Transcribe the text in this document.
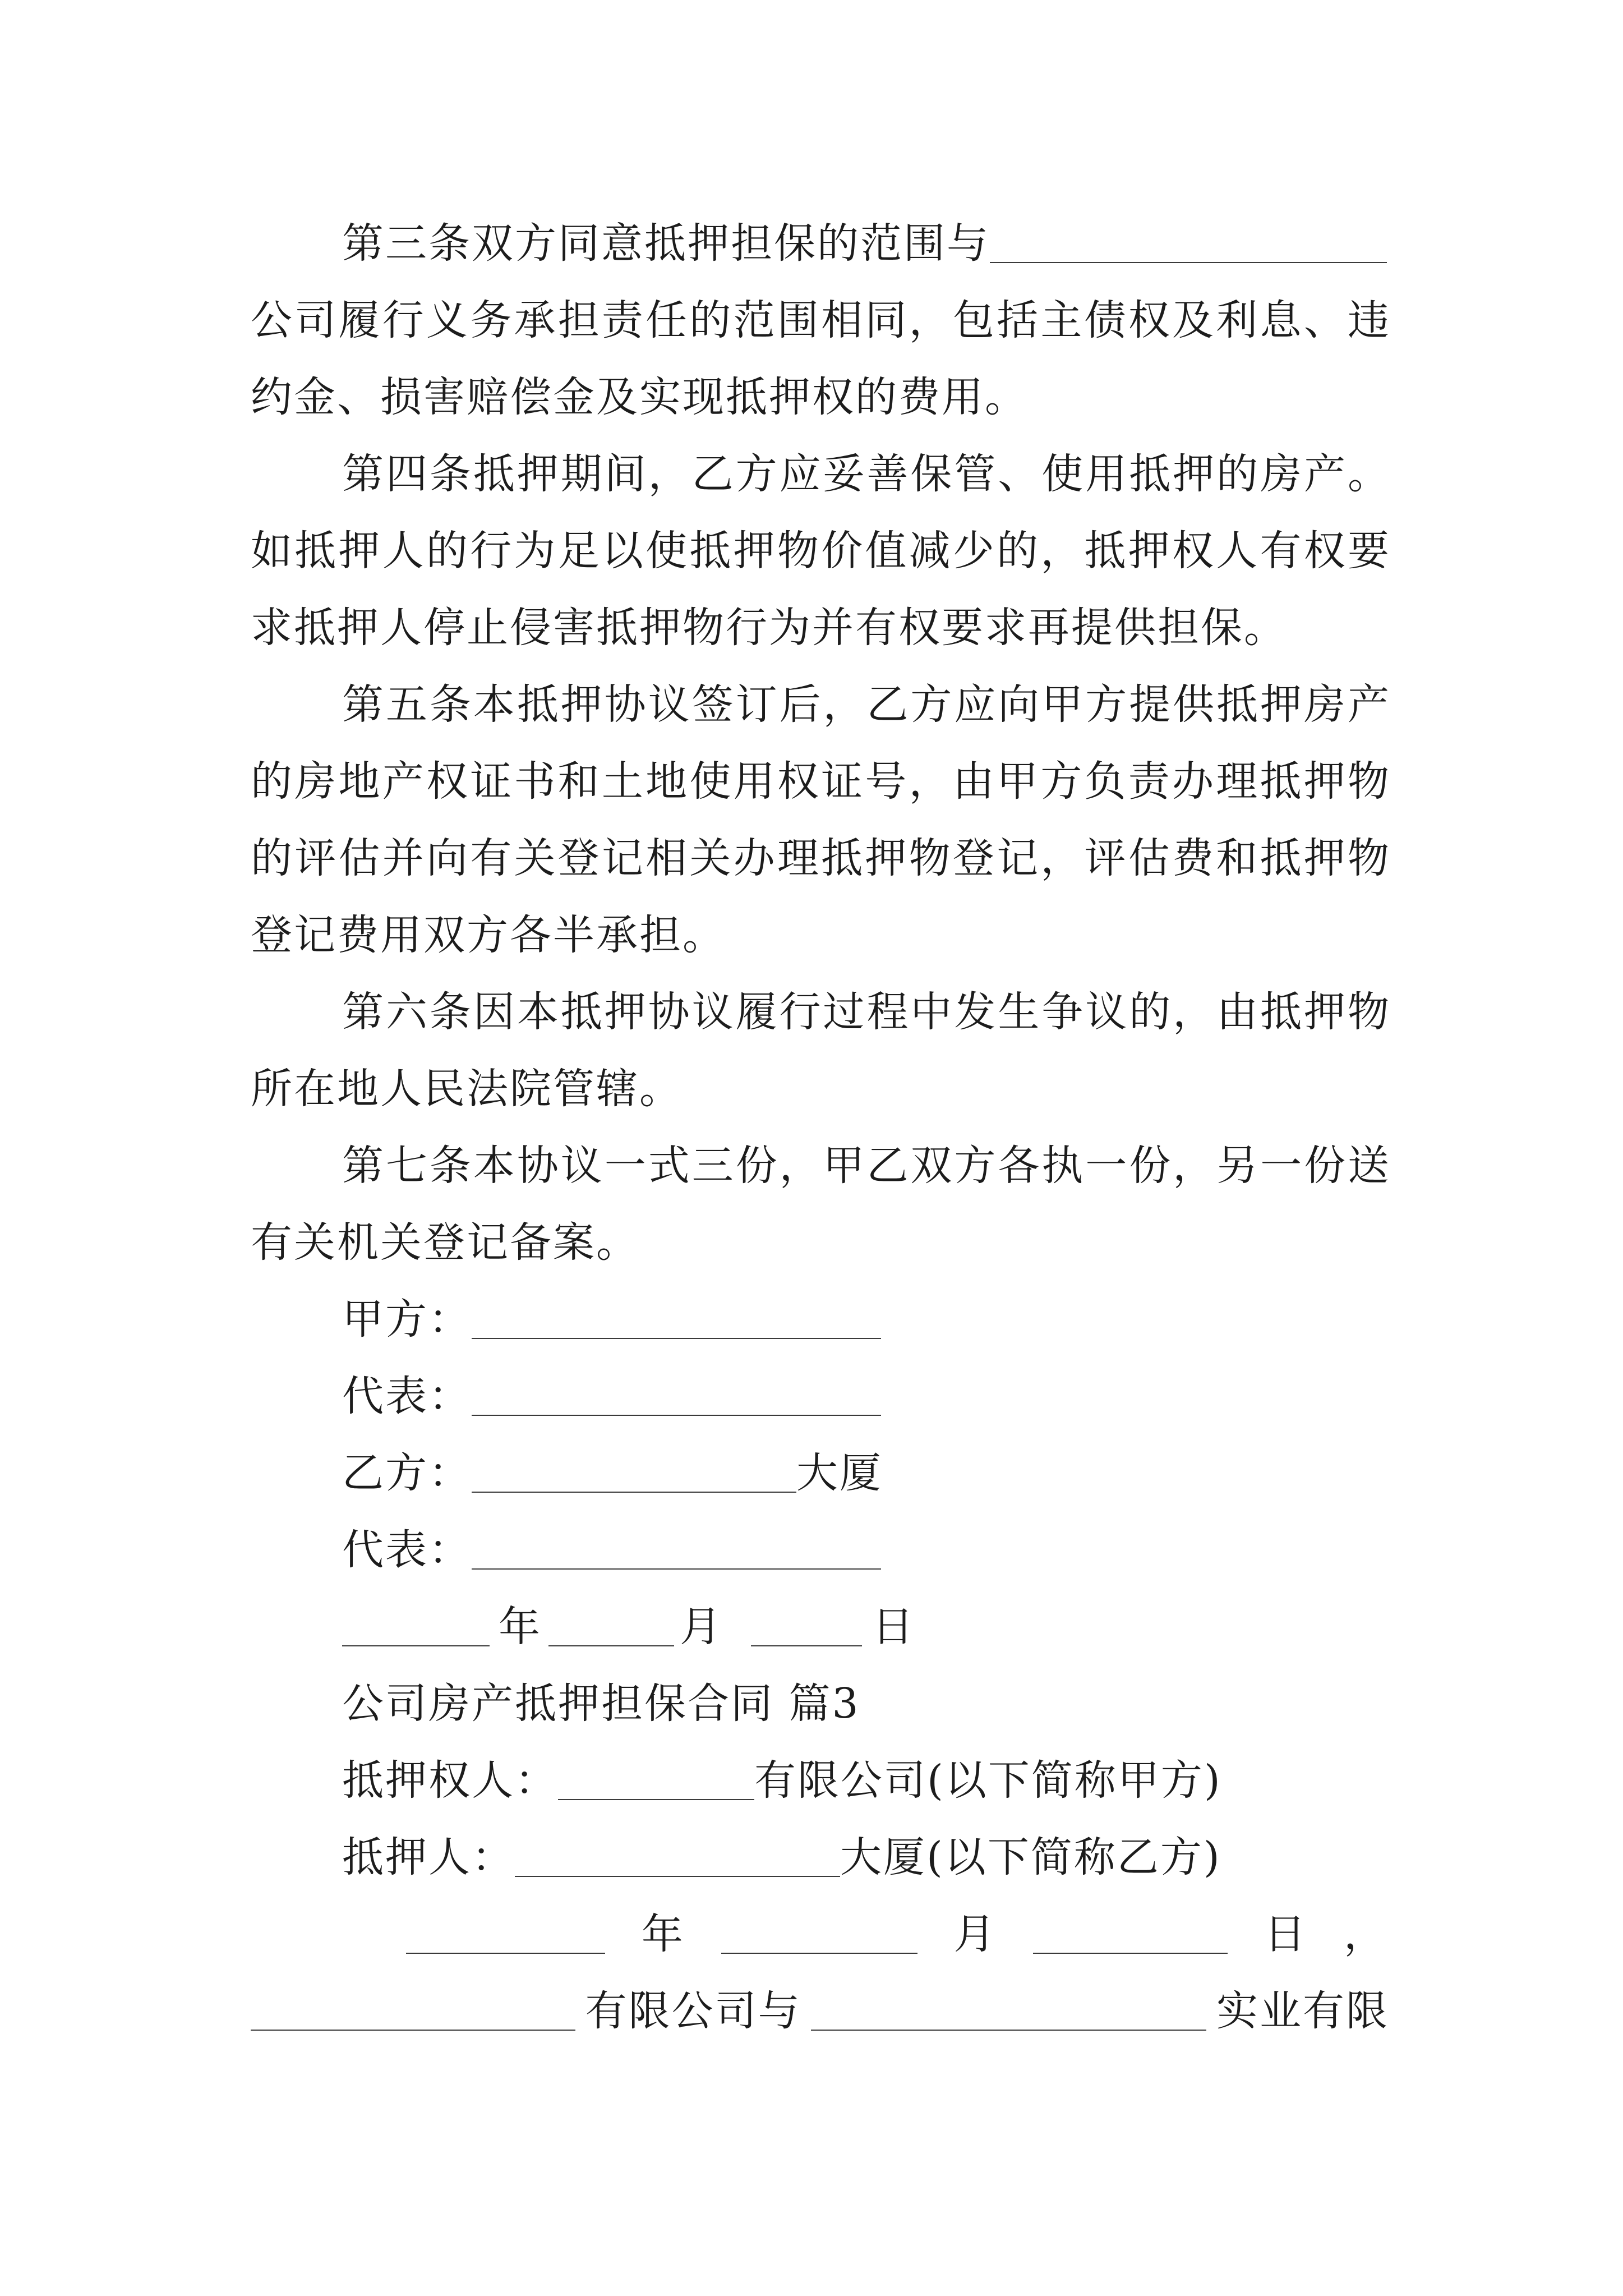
第三条双方同意抵押担保的范围与
公司履行义务承担责任的范围相同，包括主债权及利息、违
约金、损害赔偿金及实现抵押权的费用。
第四条抵押期间，乙方应妥善保管、使用抵押的房产。
如抵押人的行为足以使抵押物价值减少的，抵押权人有权要
求抵押人停止侵害抵押物行为并有权要求再提供担保。
第五条本抵押协议签订后，乙方应向甲方提供抵押房产
的房地产权证书和土地使用权证号，由甲方负责办理抵押物
的评估并向有关登记相关办理抵押物登记，评估费和抵押物
登记费用双方各半承担。
第六条因本抵押协议履行过程中发生争议的，由抵押物
所在地人民法院管辖。
第七条本协议一式三份，甲乙双方各执一份，另一份送
有关机关登记备案。
甲方：
代表：
乙方：	大厦
代表：
年	月	日
公司房产抵押担保合同 篇3
抵押权人：	有限公司(以下简称甲方)
抵押人：	大厦(以下简称乙方)
年	月	日 ，
有限公司与	实业有限
